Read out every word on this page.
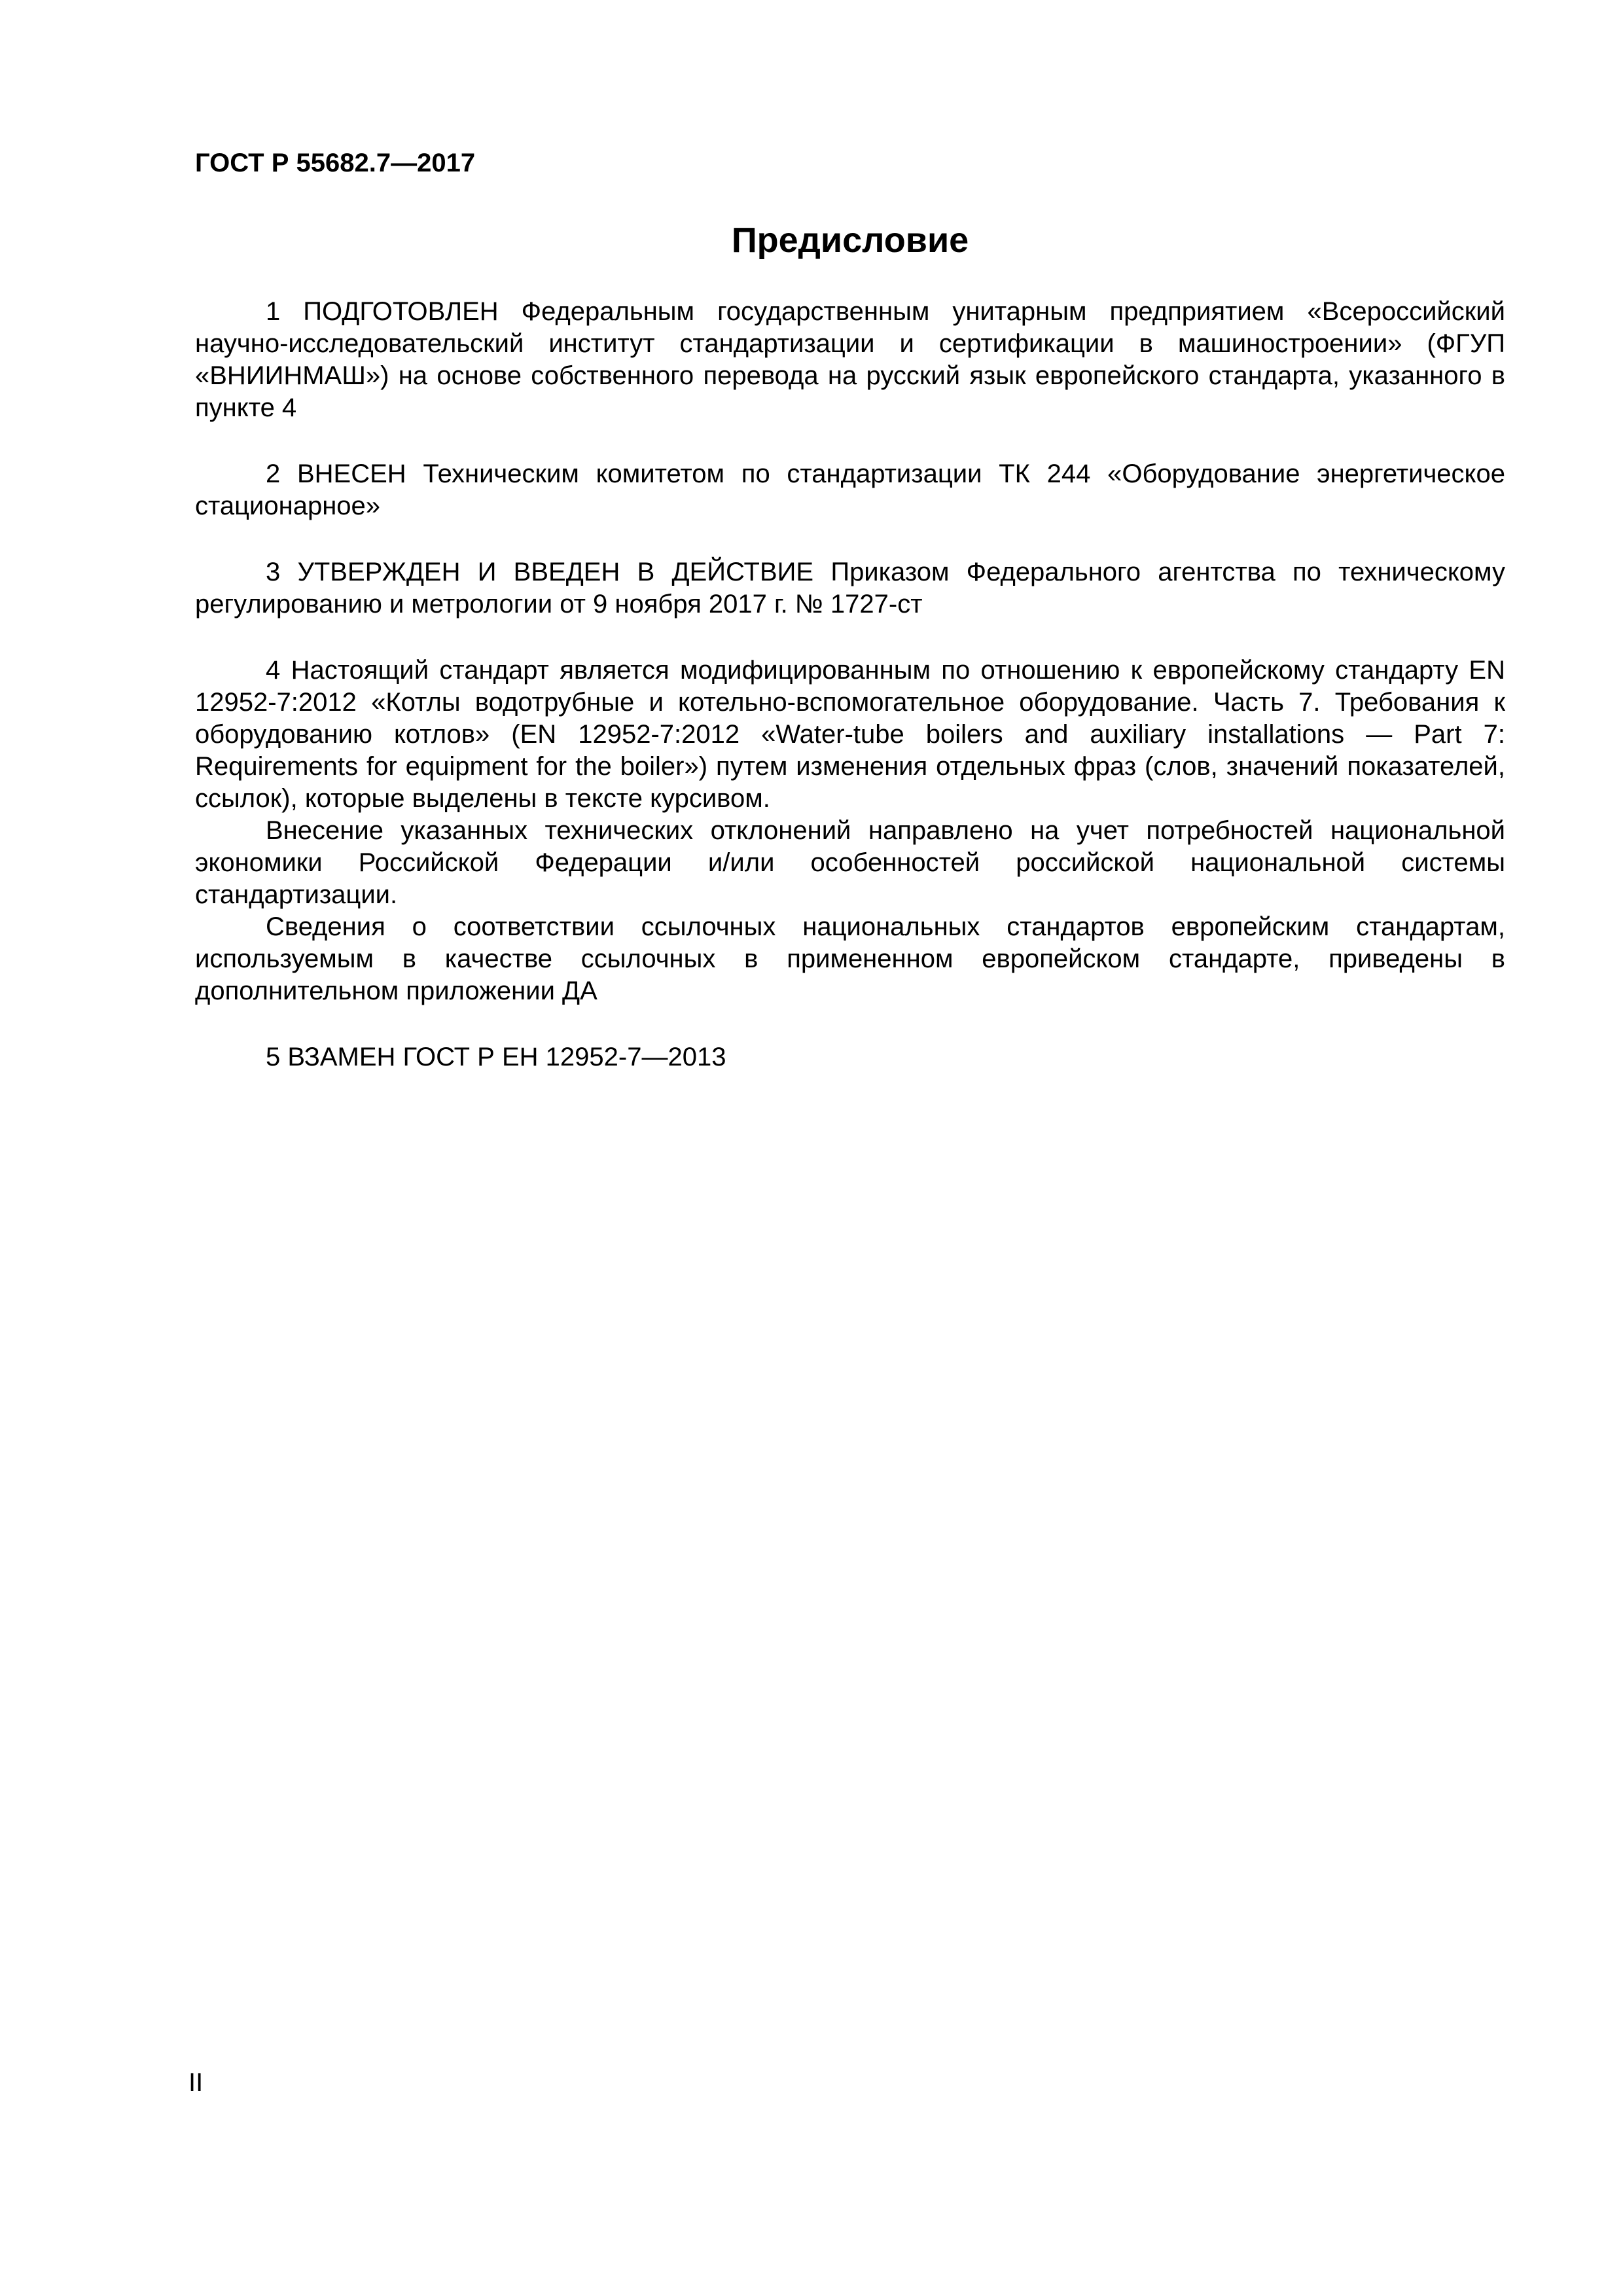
ГОСТ Р 55682.7—2017
Предисловие

1 ПОДГОТОВЛЕН Федеральным государственным унитарным предприятием «Всероссийский научно-исследовательский институт стандартизации и сертификации в машиностроении» (ФГУП «ВНИИНМАШ») на основе собственного перевода на русский язык европейского стандарта, указанного в пункте 4

2 ВНЕСЕН Техническим комитетом по стандартизации ТК 244 «Оборудование энергетическое стационарное»

3 УТВЕРЖДЕН И ВВЕДЕН В ДЕЙСТВИЕ Приказом Федерального агентства по техническому регулированию и метрологии от 9 ноября 2017 г. № 1727-ст

4 Настоящий стандарт является модифицированным по отношению к европейскому стандарту EN 12952-7:2012 «Котлы водотрубные и котельно-вспомогательное оборудование. Часть 7. Требования к оборудованию котлов» (EN 12952-7:2012 «Water-tube boilers and auxiliary installations — Part 7: Requirements for equipment for the boiler») путем изменения отдельных фраз (слов, значений показателей, ссылок), которые выделены в тексте курсивом.

Внесение указанных технических отклонений направлено на учет потребностей национальной экономики Российской Федерации и/или особенностей российской национальной системы стандартизации.

Сведения о соответствии ссылочных национальных стандартов европейским стандартам, используемым в качестве ссылочных в примененном европейском стандарте, приведены в дополнительном приложении ДА

5 ВЗАМЕН ГОСТ Р ЕН 12952-7—2013

II
